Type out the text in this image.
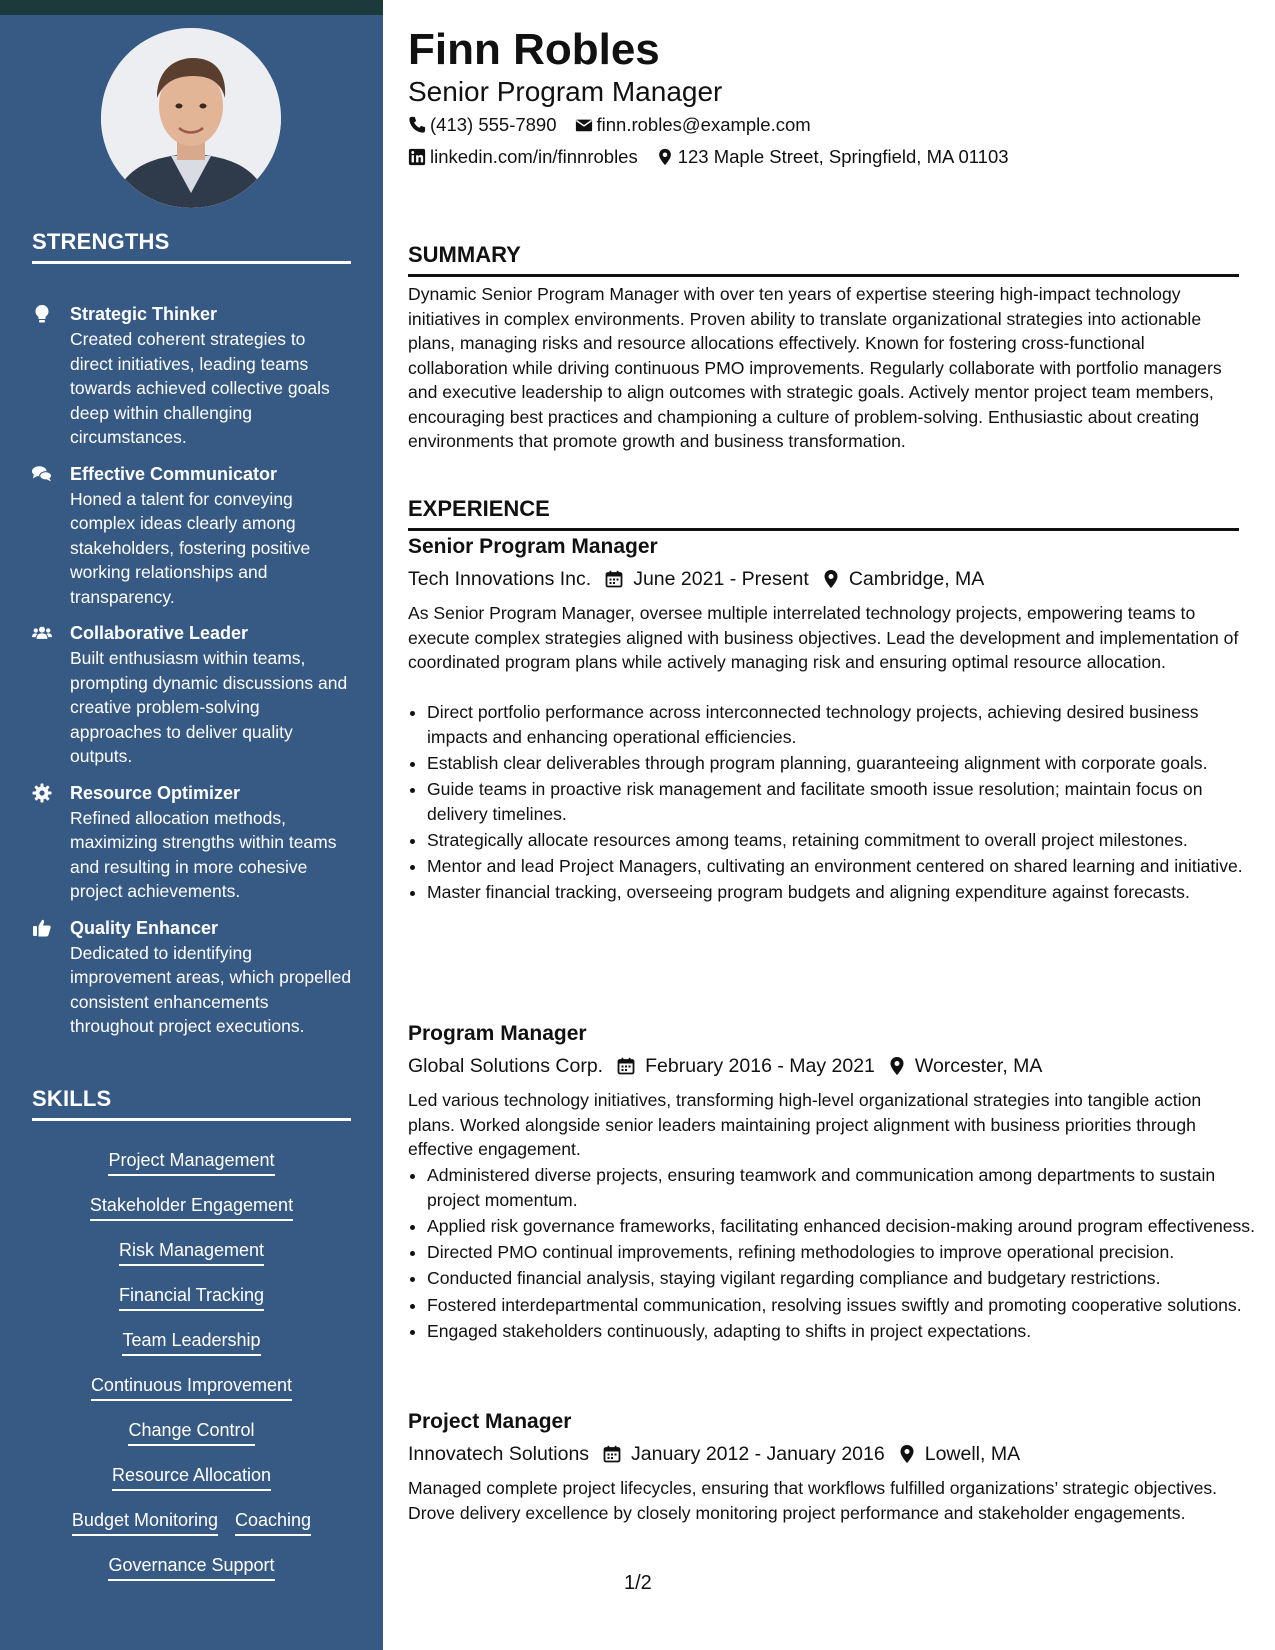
STRENGTHS
Strategic Thinker
Created coherent strategies to direct initiatives, leading teams towards achieved collective goals deep within challenging circumstances.
Effective Communicator
Honed a talent for conveying complex ideas clearly among stakeholders, fostering positive working relationships and transparency.
Collaborative Leader
Built enthusiasm within teams, prompting dynamic discussions and creative problem-solving approaches to deliver quality outputs.
Resource Optimizer
Refined allocation methods, maximizing strengths within teams and resulting in more cohesive project achievements.
Quality Enhancer
Dedicated to identifying improvement areas, which propelled consistent enhancements throughout project executions.
SKILLS
Project Management
Stakeholder Engagement
Risk Management
Financial Tracking
Team Leadership
Continuous Improvement
Change Control
Resource Allocation
Budget Monitoring Coaching
Governance Support
Finn Robles
Senior Program Manager
(413) 555-7890 finn.robles@example.com
linkedin.com/in/finnrobles 123 Maple Street, Springfield, MA 01103
SUMMARY
Dynamic Senior Program Manager with over ten years of expertise steering high-impact technology initiatives in complex environments. Proven ability to translate organizational strategies into actionable plans, managing risks and resource allocations effectively. Known for fostering cross-functional collaboration while driving continuous PMO improvements. Regularly collaborate with portfolio managers and executive leadership to align outcomes with strategic goals. Actively mentor project team members, encouraging best practices and championing a culture of problem-solving. Enthusiastic about creating environments that promote growth and business transformation.
EXPERIENCE
Senior Program Manager
Tech Innovations Inc. June 2021 - Present Cambridge, MA
As Senior Program Manager, oversee multiple interrelated technology projects, empowering teams to execute complex strategies aligned with business objectives. Lead the development and implementation of coordinated program plans while actively managing risk and ensuring optimal resource allocation.
• Direct portfolio performance across interconnected technology projects, achieving desired business impacts and enhancing operational efficiencies.
• Establish clear deliverables through program planning, guaranteeing alignment with corporate goals.
• Guide teams in proactive risk management and facilitate smooth issue resolution; maintain focus on delivery timelines.
• Strategically allocate resources among teams, retaining commitment to overall project milestones.
• Mentor and lead Project Managers, cultivating an environment centered on shared learning and initiative.
• Master financial tracking, overseeing program budgets and aligning expenditure against forecasts.
Program Manager
Global Solutions Corp. February 2016 - May 2021 Worcester, MA
Led various technology initiatives, transforming high-level organizational strategies into tangible action plans. Worked alongside senior leaders maintaining project alignment with business priorities through effective engagement.
• Administered diverse projects, ensuring teamwork and communication among departments to sustain project momentum.
• Applied risk governance frameworks, facilitating enhanced decision-making around program effectiveness.
• Directed PMO continual improvements, refining methodologies to improve operational precision.
• Conducted financial analysis, staying vigilant regarding compliance and budgetary restrictions.
• Fostered interdepartmental communication, resolving issues swiftly and promoting cooperative solutions.
• Engaged stakeholders continuously, adapting to shifts in project expectations.
Project Manager
Innovatech Solutions January 2012 - January 2016 Lowell, MA
Managed complete project lifecycles, ensuring that workflows fulfilled organizations’ strategic objectives. Drove delivery excellence by closely monitoring project performance and stakeholder engagements.
1/2
